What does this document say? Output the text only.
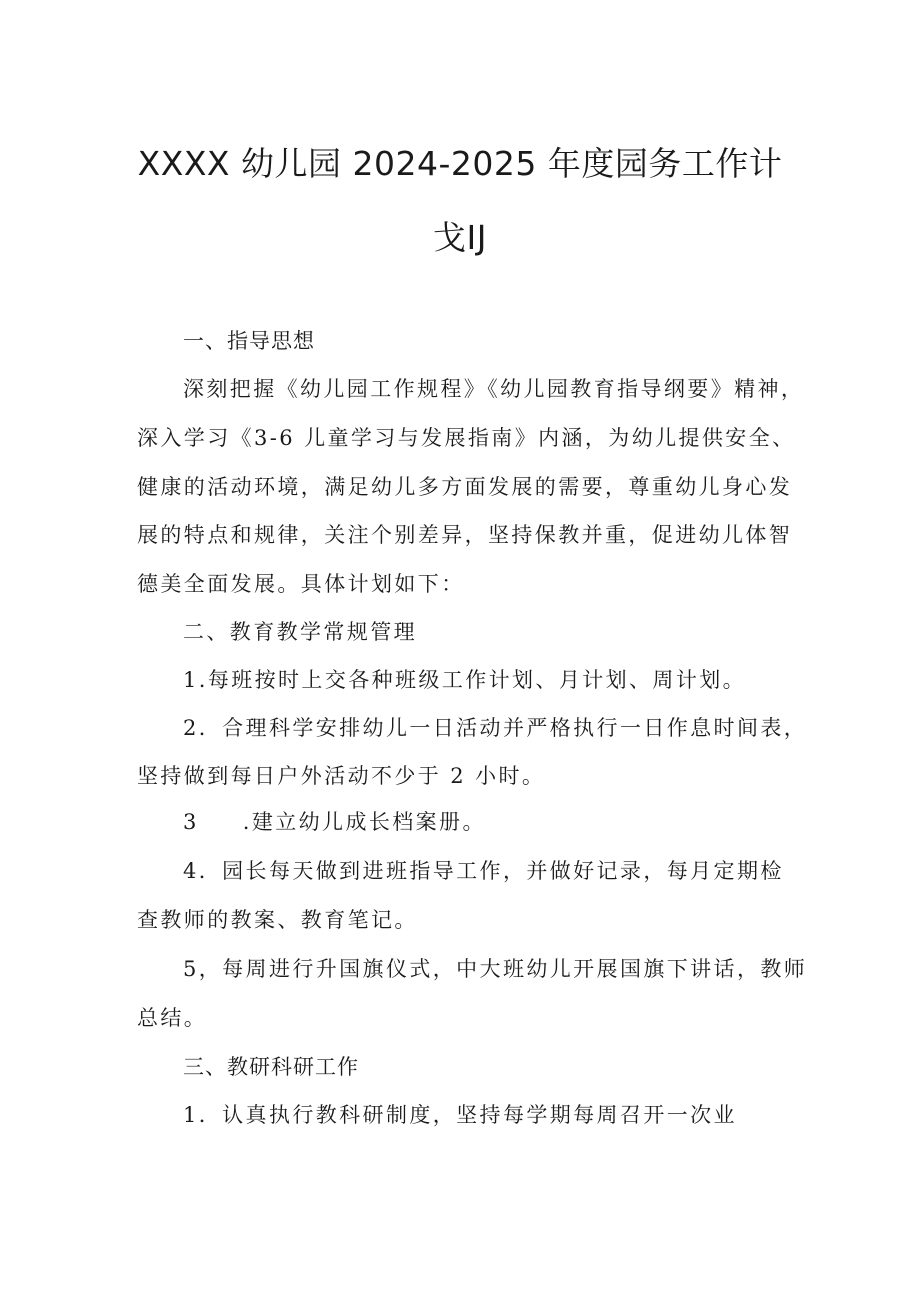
XXXX 幼儿园 2024-2025 年度园务工作计
戈IJ
一、指导思想
深刻把握《幼儿园工作规程》《幼儿园教育指导纲要》精神，
深入学习《3-6 儿童学习与发展指南》内涵，为幼儿提供安全、
健康的活动环境，满足幼儿多方面发展的需要，尊重幼儿身心发
展的特点和规律，关注个别差异，坚持保教并重，促进幼儿体智
德美全面发展。具体计划如下：
二、教育教学常规管理
1.每班按时上交各种班级工作计划、月计划、周计划。
2．合理科学安排幼儿一日活动并严格执行一日作息时间表，
坚持做到每日户外活动不少于 2 小时。
3 .建立幼儿成长档案册。
4．园长每天做到进班指导工作，并做好记录，每月定期检
查教师的教案、教育笔记。
5，每周进行升国旗仪式，中大班幼儿开展国旗下讲话，教师
总结。
三、教研科研工作
1．认真执行教科研制度，坚持每学期每周召开一次业
